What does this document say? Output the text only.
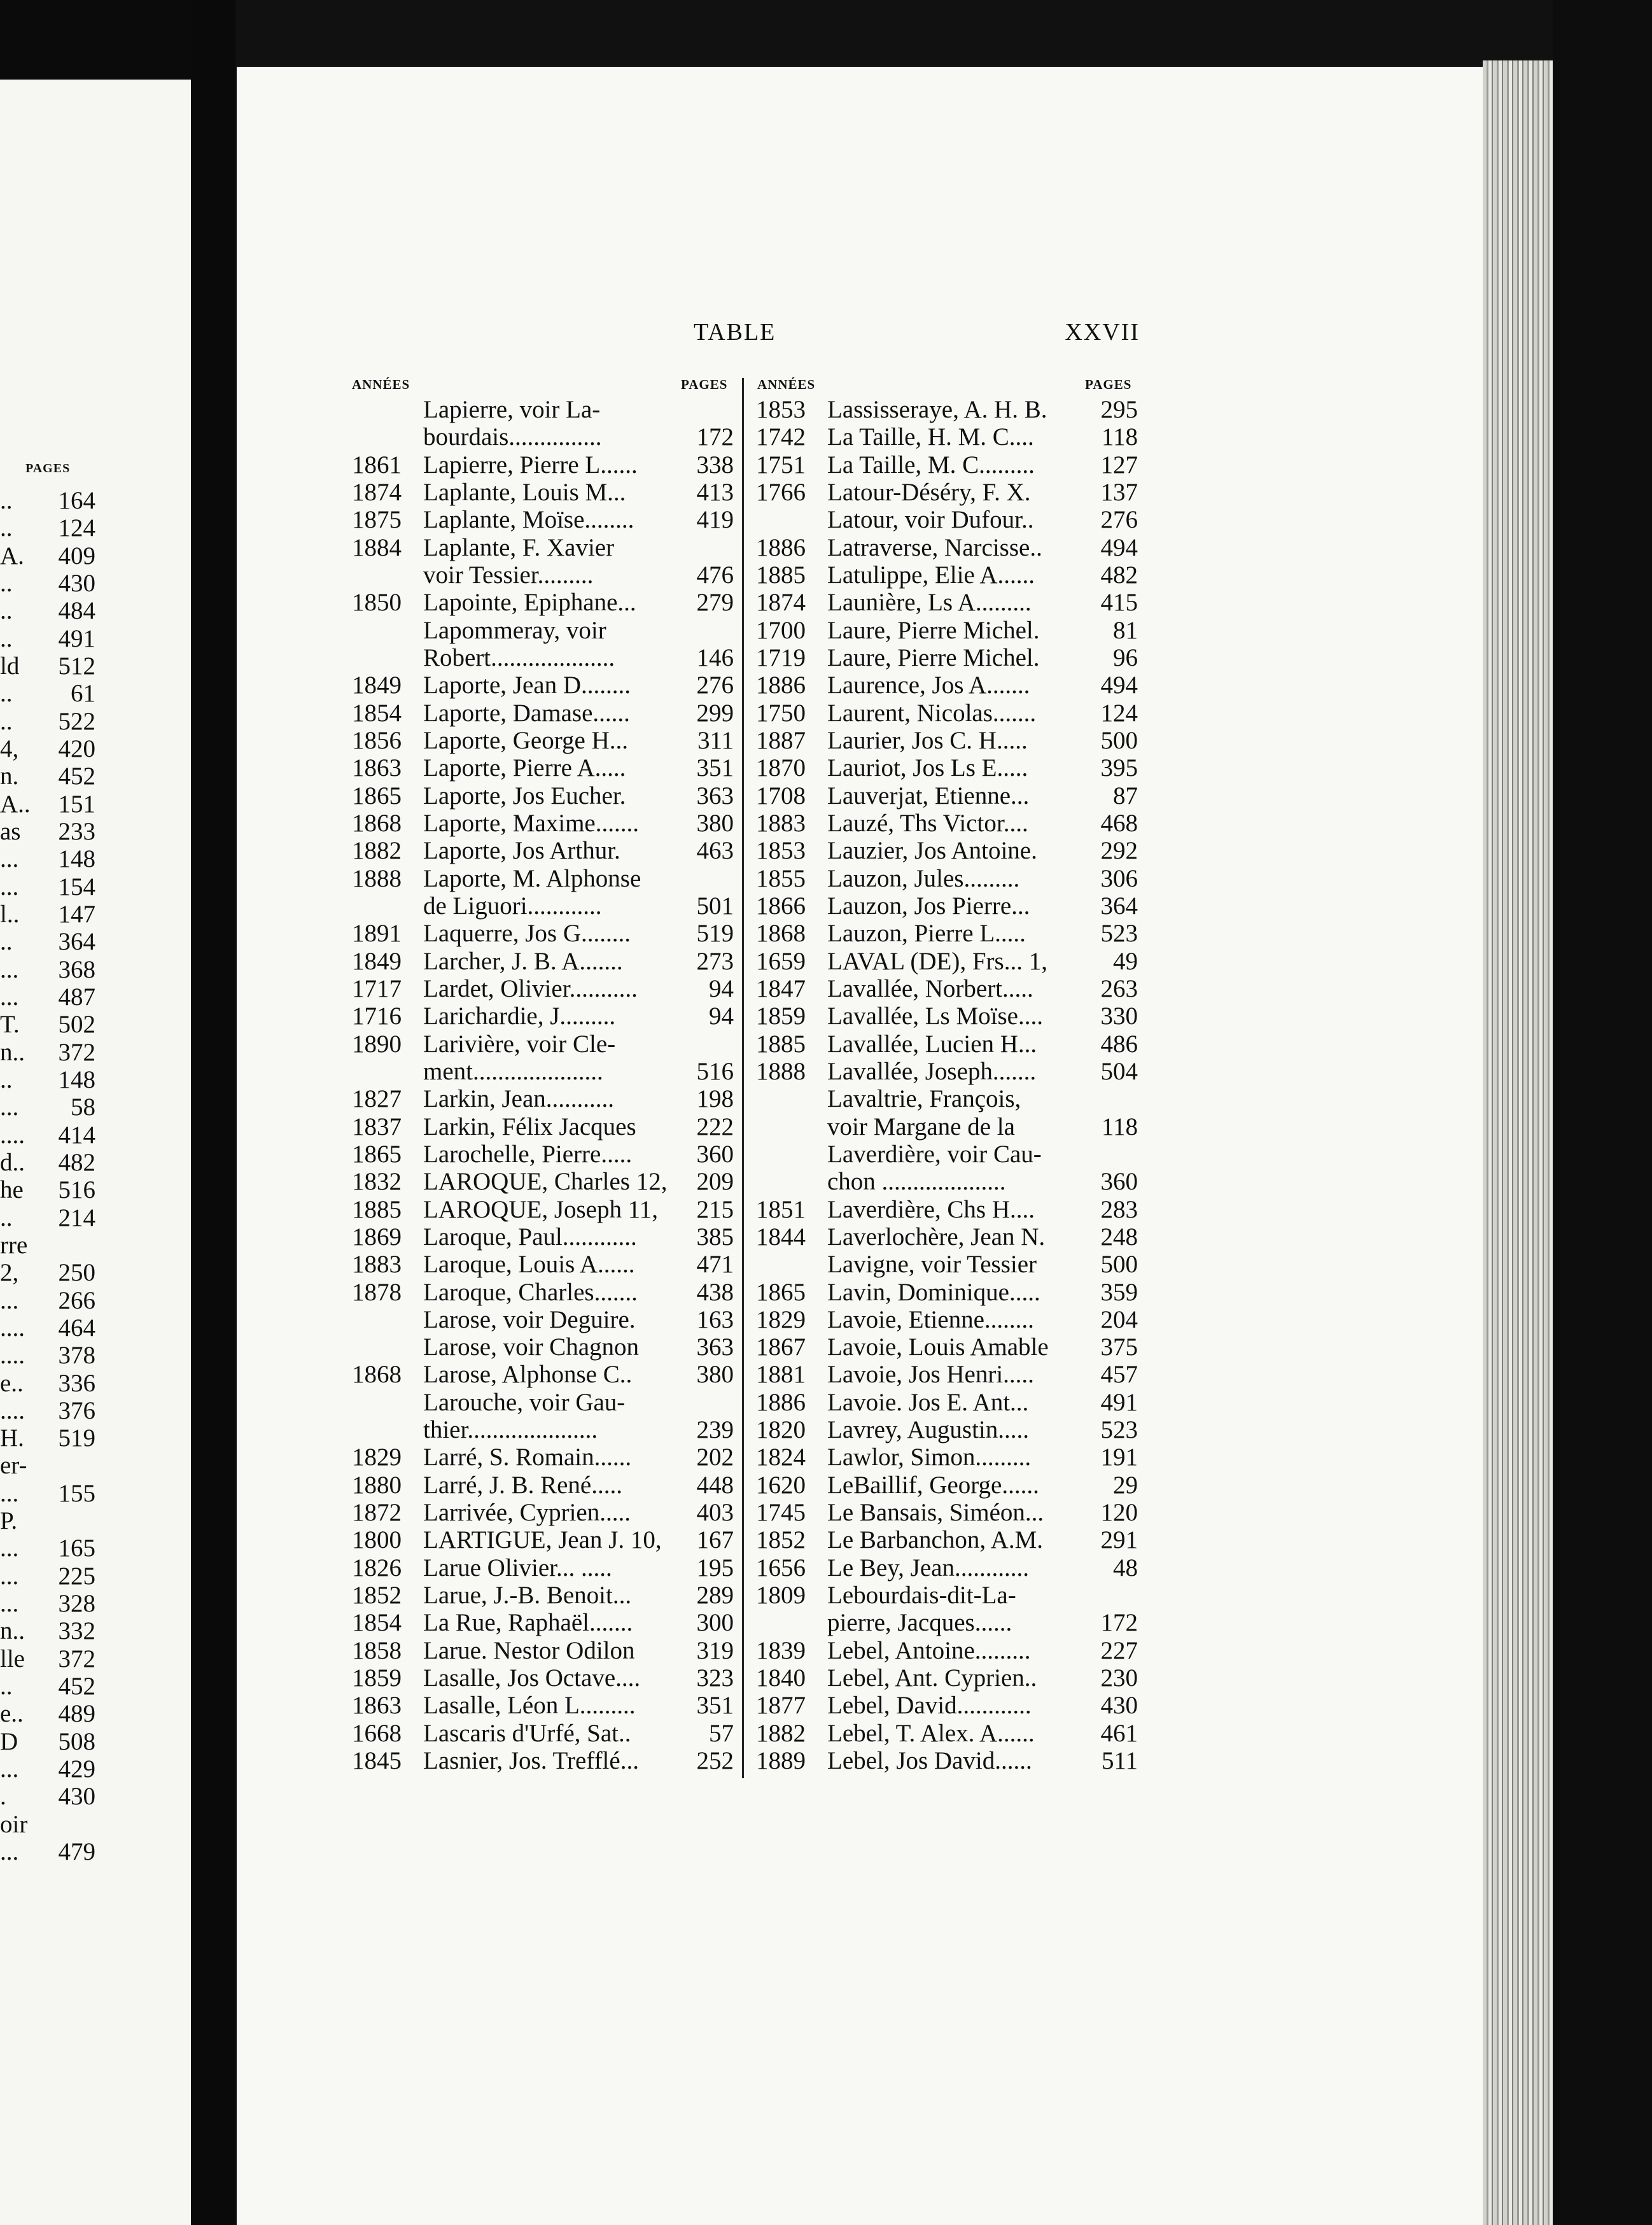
PAGES
.. 164
.. 124
A. 409
.. 430
.. 484
.. 491
ld 512
.. 61
.. 522
4, 420
n. 452
A.. 151
as 233
... 148
... 154
l.. 147
.. 364
... 368
... 487
T. 502
n.. 372
.. 148
... 58
.... 414
d.. 482
he 516
.. 214
rre
2, 250
... 266
.... 464
.... 378
e.. 336
.... 376
H. 519
er-
... 155
P.
... 165
... 225
... 328
n.. 332
lle 372
.. 452
e.. 489
D 508
... 429
. 430
oir
... 479
TABLE	XXVII
ANNÉES	PAGES ANNÉES	PAGES
Lapierre, voir La-
bourdais...............	172
1861 Lapierre, Pierre L...... 338
1874 Laplante, Louis M...	413
1875 Laplante, Moïse........	419
1884 Laplante, F. Xavier
voir Tessier.........	476
1850 Lapointe, Epiphane... 279
Lapommeray, voir
Robert....................	146
1849 Laporte, Jean D........	276
1854 Laporte, Damase......	299
1856 Laporte, George H...	311
1863 Laporte, Pierre A.....	351
1865 Laporte, Jos Eucher.	363
1868 Laporte, Maxime....... 380
1882 Laporte, Jos Arthur.	463
1888 Laporte, M. Alphonse
de Liguori............	501
1891 Laquerre, Jos G........	519
1849 Larcher, J. B. A.......	273
1717 Lardet, Olivier...........	94
1716 Larichardie, J.........	94
1890 Larivière, voir Cle-
ment.....................	516
1827 Larkin, Jean...........	198
1837 Larkin, Félix Jacques 222
1865 Larochelle, Pierre.....	360
1832 LAROQUE, Charles 12, 209
1885 LAROQUE, Joseph 11, 215
1869 Laroque, Paul............ 385
1883 Laroque, Louis A...... 471
1878 Laroque, Charles....... 438
Larose, voir Deguire. 163
Larose, voir Chagnon 363
1868 Larose, Alphonse C..	380
Larouche, voir Gau-
thier.....................	239
1829 Larré, S. Romain......	202
1880 Larré, J. B. René.....	448
1872 Larrivée, Cyprien.....	403
1800 LARTIGUE, Jean J. 10, 167
1826 Larue Olivier... .....	195
1852 Larue, J.-B. Benoit...	289
1854 La Rue, Raphaël.......	300
1858 Larue. Nestor Odilon 319
1859 Lasalle, Jos Octave.... 323
1863 Lasalle, Léon L......... 351
1668 Lascaris d'Urfé, Sat..	57
1845 Lasnier, Jos. Trefflé... 252
1853 Lassisseraye, A. H. B. 295
1742 La Taille, H. M. C....	118
1751 La Taille, M. C.........	127
1766 Latour-Déséry, F. X.	137
Latour, voir Dufour..	276
1886 Latraverse, Narcisse.. 494
1885 Latulippe, Elie A......	482
1874 Launière, Ls A.........	415
1700 Laure, Pierre Michel.	81
1719 Laure, Pierre Michel.	96
1886 Laurence, Jos A.......	494
1750 Laurent, Nicolas.......	124
1887 Laurier, Jos C. H.....	500
1870 Lauriot, Jos Ls E.....	395
1708 Lauverjat, Etienne...	87
1883 Lauzé, Ths Victor....	468
1853 Lauzier, Jos Antoine.	292
1855 Lauzon, Jules.........	306
1866 Lauzon, Jos Pierre...	364
1868 Lauzon, Pierre L.....	523
1659 LAVAL (DE), Frs... 1,	49
1847 Lavallée, Norbert.....	263
1859 Lavallée, Ls Moïse.... 330
1885 Lavallée, Lucien H...	486
1888 Lavallée, Joseph.......	504
Lavaltrie, François,
voir Margane de la	118
Laverdière, voir Cau-
chon ....................	360
1851 Laverdière, Chs H....	283
1844 Laverlochère, Jean N. 248
Lavigne, voir Tessier	500
1865 Lavin, Dominique..... 359
1829 Lavoie, Etienne........	204
1867 Lavoie, Louis Amable 375
1881 Lavoie, Jos Henri.....	457
1886 Lavoie. Jos E. Ant...	491
1820 Lavrey, Augustin.....	523
1824 Lawlor, Simon.........	191
1620 LeBaillif, George......	29
1745 Le Bansais, Siméon... 120
1852 Le Barbanchon, A.M. 291
1656 Le Bey, Jean............	48
1809 Lebourdais-dit-La-
pierre, Jacques......	172
1839 Lebel, Antoine.........	227
1840 Lebel, Ant. Cyprien..	230
1877 Lebel, David............	430
1882 Lebel, T. Alex. A......	461
1889 Lebel, Jos David......	511
